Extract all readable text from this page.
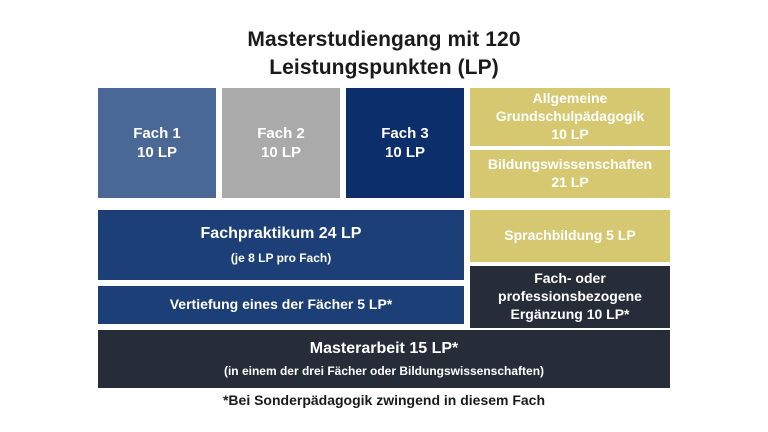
Masterstudiengang mit 120
Leistungspunkten (LP)
Fach 1
10 LP
Fach 2
10 LP
Fach 3
10 LP
Allgemeine
Grundschulpädagogik
10 LP
Bildungswissenschaften
21 LP
Sprachbildung 5 LP
Fach- oder
professionsbezogene
Ergänzung 10 LP*
Fachpraktikum 24 LP
(je 8 LP pro Fach)
Vertiefung eines der Fächer 5 LP*
Masterarbeit 15 LP*
(in einem der drei Fächer oder Bildungswissenschaften)
*Bei Sonderpädagogik zwingend in diesem Fach
